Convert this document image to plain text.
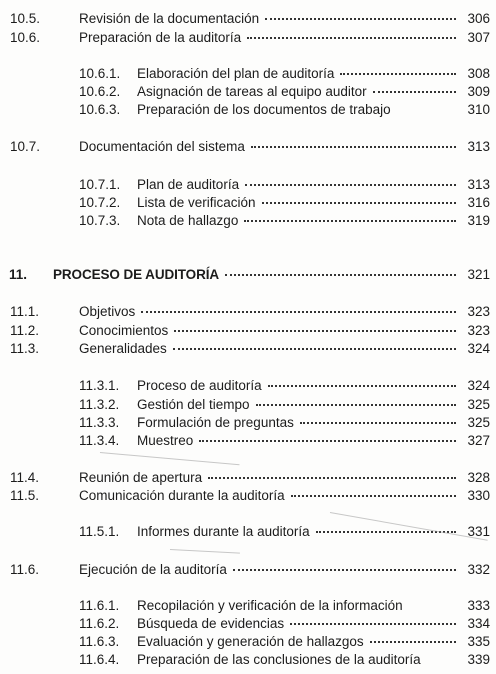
10.5.	Revisión de la documentación	306
10.6.	Preparación de la auditoría	307
10.6.1.	Elaboración del plan de auditoría	308
10.6.2.	Asignación de tareas al equipo auditor	309
10.6.3.	Preparación de los documentos de trabajo	310
10.7.	Documentación del sistema	313
10.7.1.	Plan de auditoría	313
10.7.2.	Lista de verificación	316
10.7.3.	Nota de hallazgo	319
11.	PROCESO DE AUDITORÍA	321
11.1.	Objetivos	323
11.2.	Conocimientos	323
11.3.	Generalidades	324
11.3.1.	Proceso de auditoría	324
11.3.2.	Gestión del tiempo	325
11.3.3.	Formulación de preguntas	325
11.3.4.	Muestreo	327
11.4.	Reunión de apertura	328
11.5.	Comunicación durante la auditoría	330
11.5.1.	Informes durante la auditoría	331
11.6.	Ejecución de la auditoría	332
11.6.1.	Recopilación y verificación de la información	333
11.6.2.	Búsqueda de evidencias	334
11.6.3.	Evaluación y generación de hallazgos	335
11.6.4.	Preparación de las conclusiones de la auditoría	339
